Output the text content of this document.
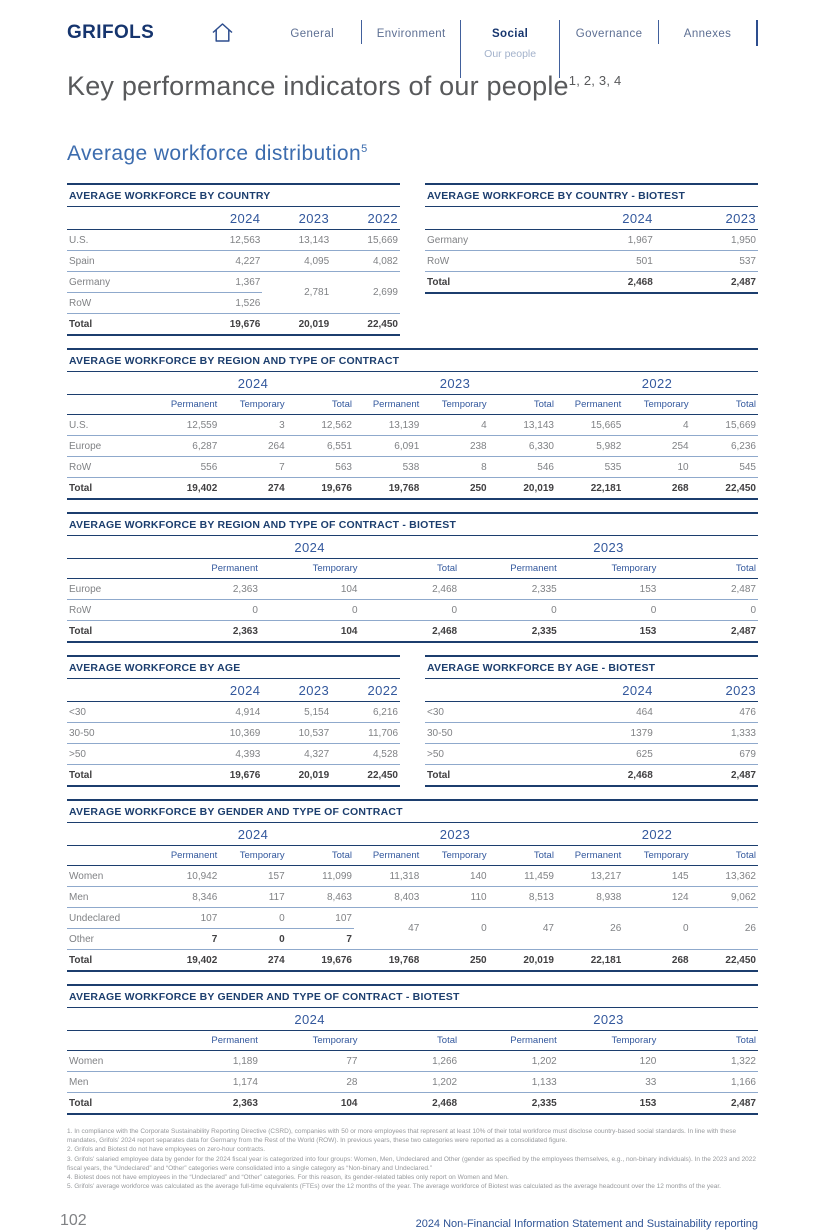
GRIFOLS	General	Environment	Social
Our people
Governance	Annexes
Key performance indicators of our people$^{1, 2, 3, 4}$
Average workforce distribution$^5$
AVERAGE WORKFORCE BY COUNTRY
	2024	2023	2022
U.S.	12,563	13,143	15,669
Spain	4,227	4,095	4,082
Germany	1,367	2,781	2,699
RoW	1,526		
Total	19,676	20,019	22,450
AVERAGE WORKFORCE BY COUNTRY - BIOTEST
	2024	2023
Germany	1,967	1,950
RoW	501	537
Total	2,468	2,487
AVERAGE WORKFORCE BY REGION AND TYPE OF CONTRACT
	2024			2023			2022		
	Permanent	Temporary	Total	Permanent	Temporary	Total	Permanent	Temporary	Total
U.S.	12,559	3	12,562	13,139	4	13,143	15,665	4	15,669
Europe	6,287	264	6,551	6,091	238	6,330	5,982	254	6,236
RoW	556	7	563	538	8	546	535	10	545
Total	19,402	274	19,676	19,768	250	20,019	22,181	268	22,450
AVERAGE WORKFORCE BY REGION AND TYPE OF CONTRACT - BIOTEST
	2024			2023		
	Permanent	Temporary	Total	Permanent	Temporary	Total
Europe	2,363	104	2,468	2,335	153	2,487
RoW	0	0	0	0	0	0
Total	2,363	104	2,468	2,335	153	2,487
AVERAGE WORKFORCE BY AGE
	2024	2023	2022
<30	4,914	5,154	6,216
30-50	10,369	10,537	11,706
>50	4,393	4,327	4,528
Total	19,676	20,019	22,450
AVERAGE WORKFORCE BY AGE - BIOTEST
	2024	2023
<30	464	476
30-50	1379	1,333
>50	625	679
Total	2,468	2,487
AVERAGE WORKFORCE BY GENDER AND TYPE OF CONTRACT
	2024			2023			2022		
	Permanent	Temporary	Total	Permanent	Temporary	Total	Permanent	Temporary	Total
Women	10,942	157	11,099	11,318	140	11,459	13,217	145	13,362
Men	8,346	117	8,463	8,403	110	8,513	8,938	124	9,062
Undeclared	107	0	107	47	0	47	26	0	26
Other	7	0	7						
Total	19,402	274	19,676	19,768	250	20,019	22,181	268	22,450
AVERAGE WORKFORCE BY GENDER AND TYPE OF CONTRACT - BIOTEST
	2024			2023		
	Permanent	Temporary	Total	Permanent	Temporary	Total
Women	1,189	77	1,266	1,202	120	1,322
Men	1,174	28	1,202	1,133	33	1,166
Total	2,363	104	2,468	2,335	153	2,487
1. In compliance with the Corporate Sustainability Reporting Directive (CSRD), companies with 50 or more employees that represent at least 10% of their total workforce must disclose country-based social standards. In line with these mandates, Grifols’ 2024 report separates data for Germany from the Rest of the World (ROW). In previous years, these two categories were reported as a consolidated figure.
2. Grifols and Biotest do not have employees on zero-hour contracts.
3. Grifols’ salaried employee data by gender for the 2024 fiscal year is categorized into four groups: Women, Men, Undeclared and Other (gender as specified by the employees themselves, e.g., non-binary individuals). In the 2023 and 2022 fiscal years, the “Undeclared” and “Other” categories were consolidated into a single category as “Non-binary and Undeclared.”
4. Biotest does not have employees in the “Undeclared” and “Other” categories. For this reason, its gender-related tables only report on Women and Men.
5. Grifols’ average workforce was calculated as the average full-time equivalents (FTEs) over the 12 months of the year. The average workforce of Biotest was calculated as the average headcount over the 12 months of the year.
102	2024 Non-Financial Information Statement and Sustainability reporting
